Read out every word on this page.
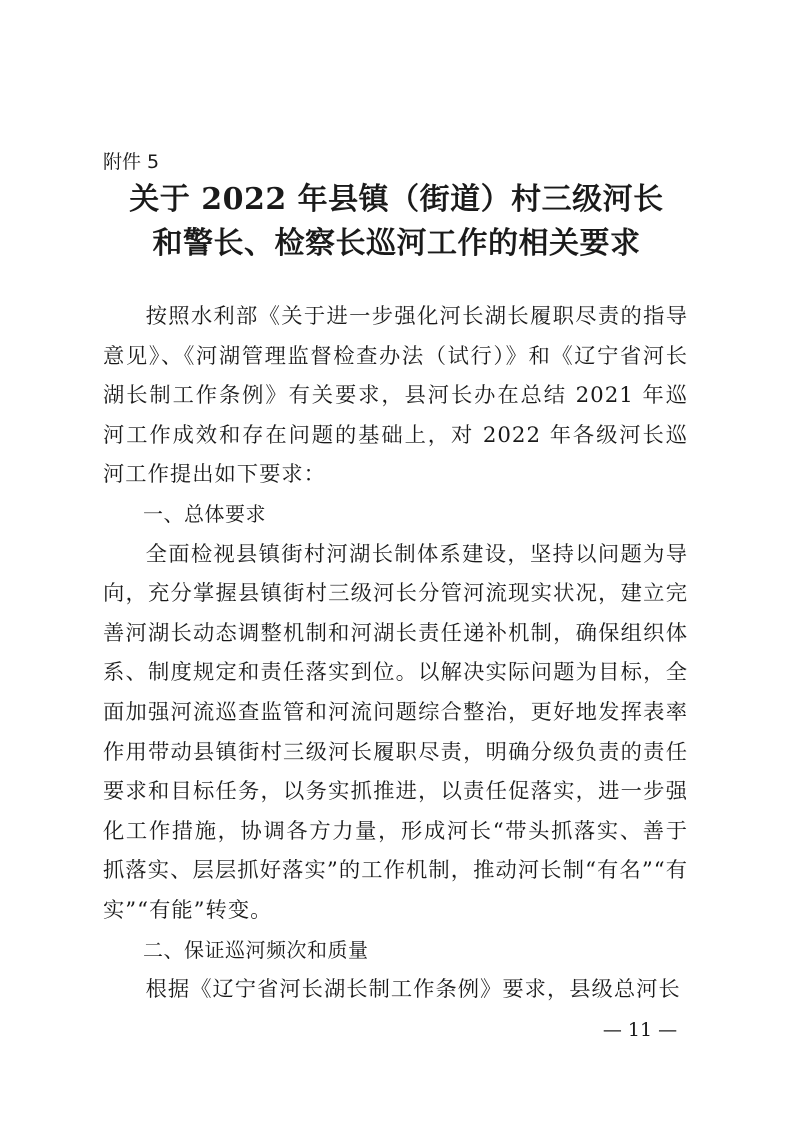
附件 5

关于 2022 年县镇（街道）村三级河长
和警长、检察长巡河工作的相关要求

按照水利部《关于进一步强化河长湖长履职尽责的指导意见》、《河湖管理监督检查办法（试行）》和《辽宁省河长湖长制工作条例》有关要求，县河长办在总结 2021 年巡河工作成效和存在问题的基础上，对 2022 年各级河长巡河工作提出如下要求：

一、总体要求

全面检视县镇街村河湖长制体系建设，坚持以问题为导向，充分掌握县镇街村三级河长分管河流现实状况，建立完善河湖长动态调整机制和河湖长责任递补机制，确保组织体系、制度规定和责任落实到位。以解决实际问题为目标，全面加强河流巡查监管和河流问题综合整治，更好地发挥表率作用带动县镇街村三级河长履职尽责，明确分级负责的责任要求和目标任务，以务实抓推进，以责任促落实，进一步强化工作措施，协调各方力量，形成河长“带头抓落实、善于抓落实、层层抓好落实”的工作机制，推动河长制“有名”“有实”“有能”转变。

二、保证巡河频次和质量

根据《辽宁省河长湖长制工作条例》要求，县级总河长

— 11 —
